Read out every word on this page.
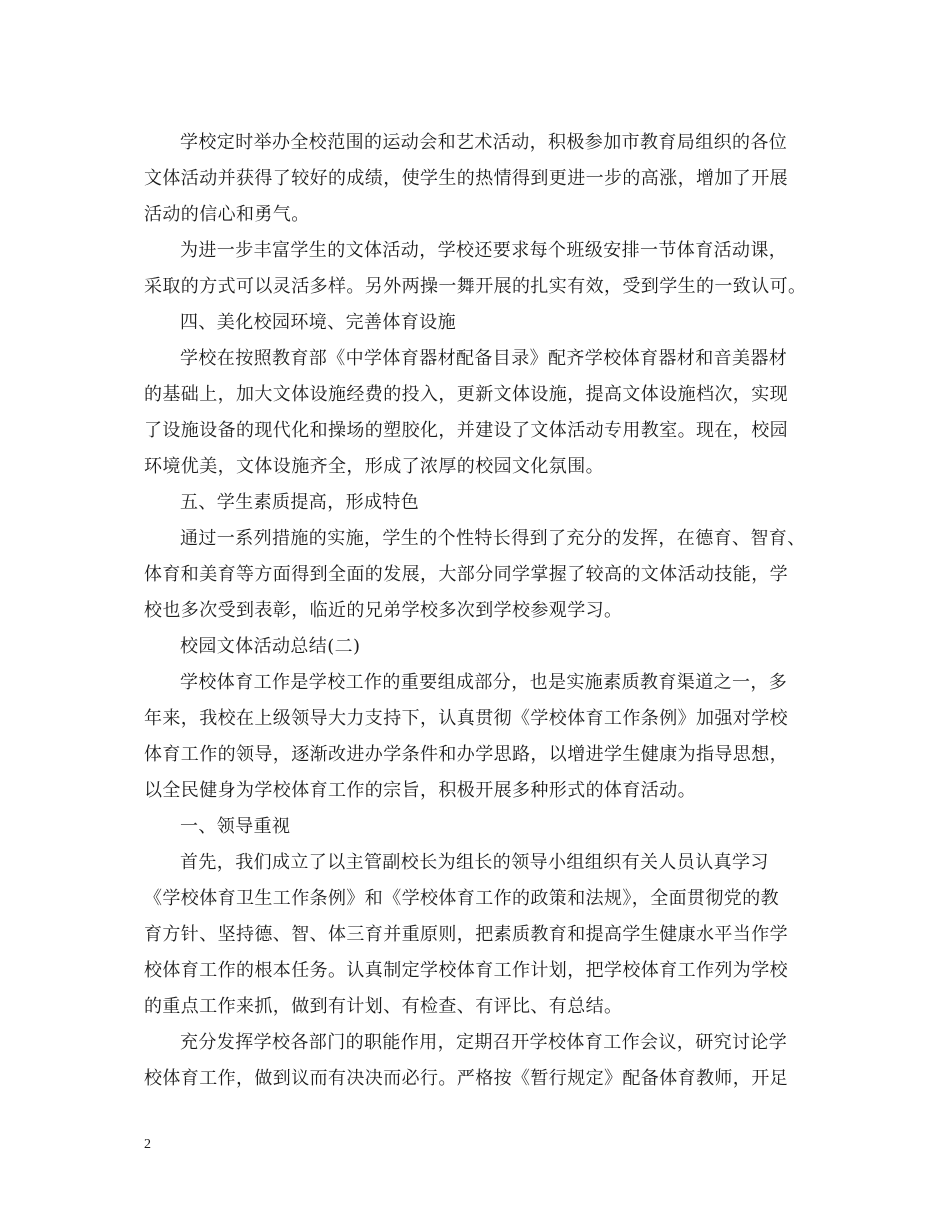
学校定时举办全校范围的运动会和艺术活动，积极参加市教育局组织的各位
文体活动并获得了较好的成绩，使学生的热情得到更进一步的高涨，增加了开展
活动的信心和勇气。
为进一步丰富学生的文体活动，学校还要求每个班级安排一节体育活动课，
采取的方式可以灵活多样。另外两操一舞开展的扎实有效，受到学生的一致认可。
四、美化校园环境、完善体育设施
学校在按照教育部《中学体育器材配备目录》配齐学校体育器材和音美器材
的基础上，加大文体设施经费的投入，更新文体设施，提高文体设施档次，实现
了设施设备的现代化和操场的塑胶化，并建设了文体活动专用教室。现在，校园
环境优美，文体设施齐全，形成了浓厚的校园文化氛围。
五、学生素质提高，形成特色
通过一系列措施的实施，学生的个性特长得到了充分的发挥，在德育、智育、
体育和美育等方面得到全面的发展，大部分同学掌握了较高的文体活动技能，学
校也多次受到表彰，临近的兄弟学校多次到学校参观学习。
校园文体活动总结(二)
学校体育工作是学校工作的重要组成部分，也是实施素质教育渠道之一，多
年来，我校在上级领导大力支持下，认真贯彻《学校体育工作条例》加强对学校
体育工作的领导，逐渐改进办学条件和办学思路，以增进学生健康为指导思想，
以全民健身为学校体育工作的宗旨，积极开展多种形式的体育活动。
一、领导重视
首先，我们成立了以主管副校长为组长的领导小组组织有关人员认真学习
《学校体育卫生工作条例》和《学校体育工作的政策和法规》，全面贯彻党的教
育方针、坚持德、智、体三育并重原则，把素质教育和提高学生健康水平当作学
校体育工作的根本任务。认真制定学校体育工作计划，把学校体育工作列为学校
的重点工作来抓，做到有计划、有检查、有评比、有总结。
充分发挥学校各部门的职能作用，定期召开学校体育工作会议，研究讨论学
校体育工作，做到议而有决决而必行。严格按《暂行规定》配备体育教师，开足
2
